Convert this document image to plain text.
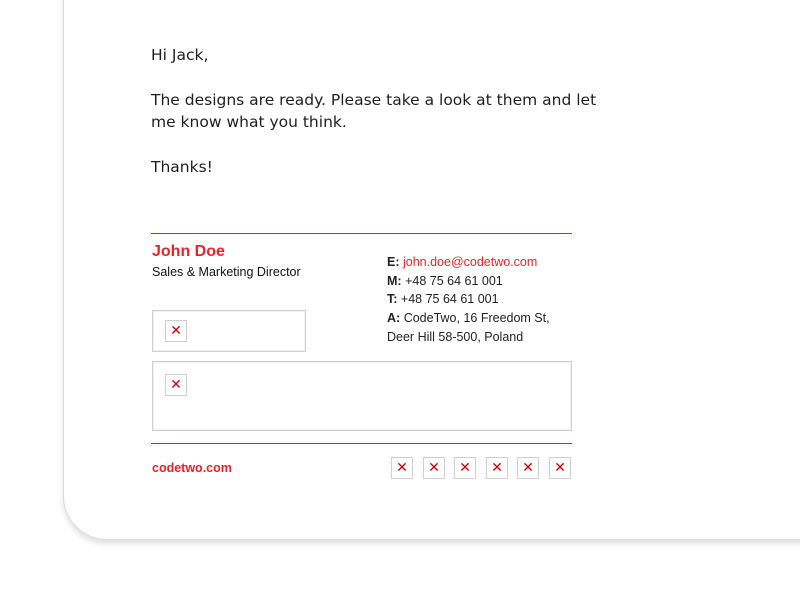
Hi Jack,

The designs are ready. Please take a look at them and let me know what you think.

Thanks!

John Doe
Sales & Marketing Director
E: john.doe@codetwo.com
M: +48 75 64 61 001
T: +48 75 64 61 001
A: CodeTwo, 16 Freedom St,
Deer Hill 58-500, Poland
✕
✕
codetwo.com	✕	✕	✕	✕	✕	✕
